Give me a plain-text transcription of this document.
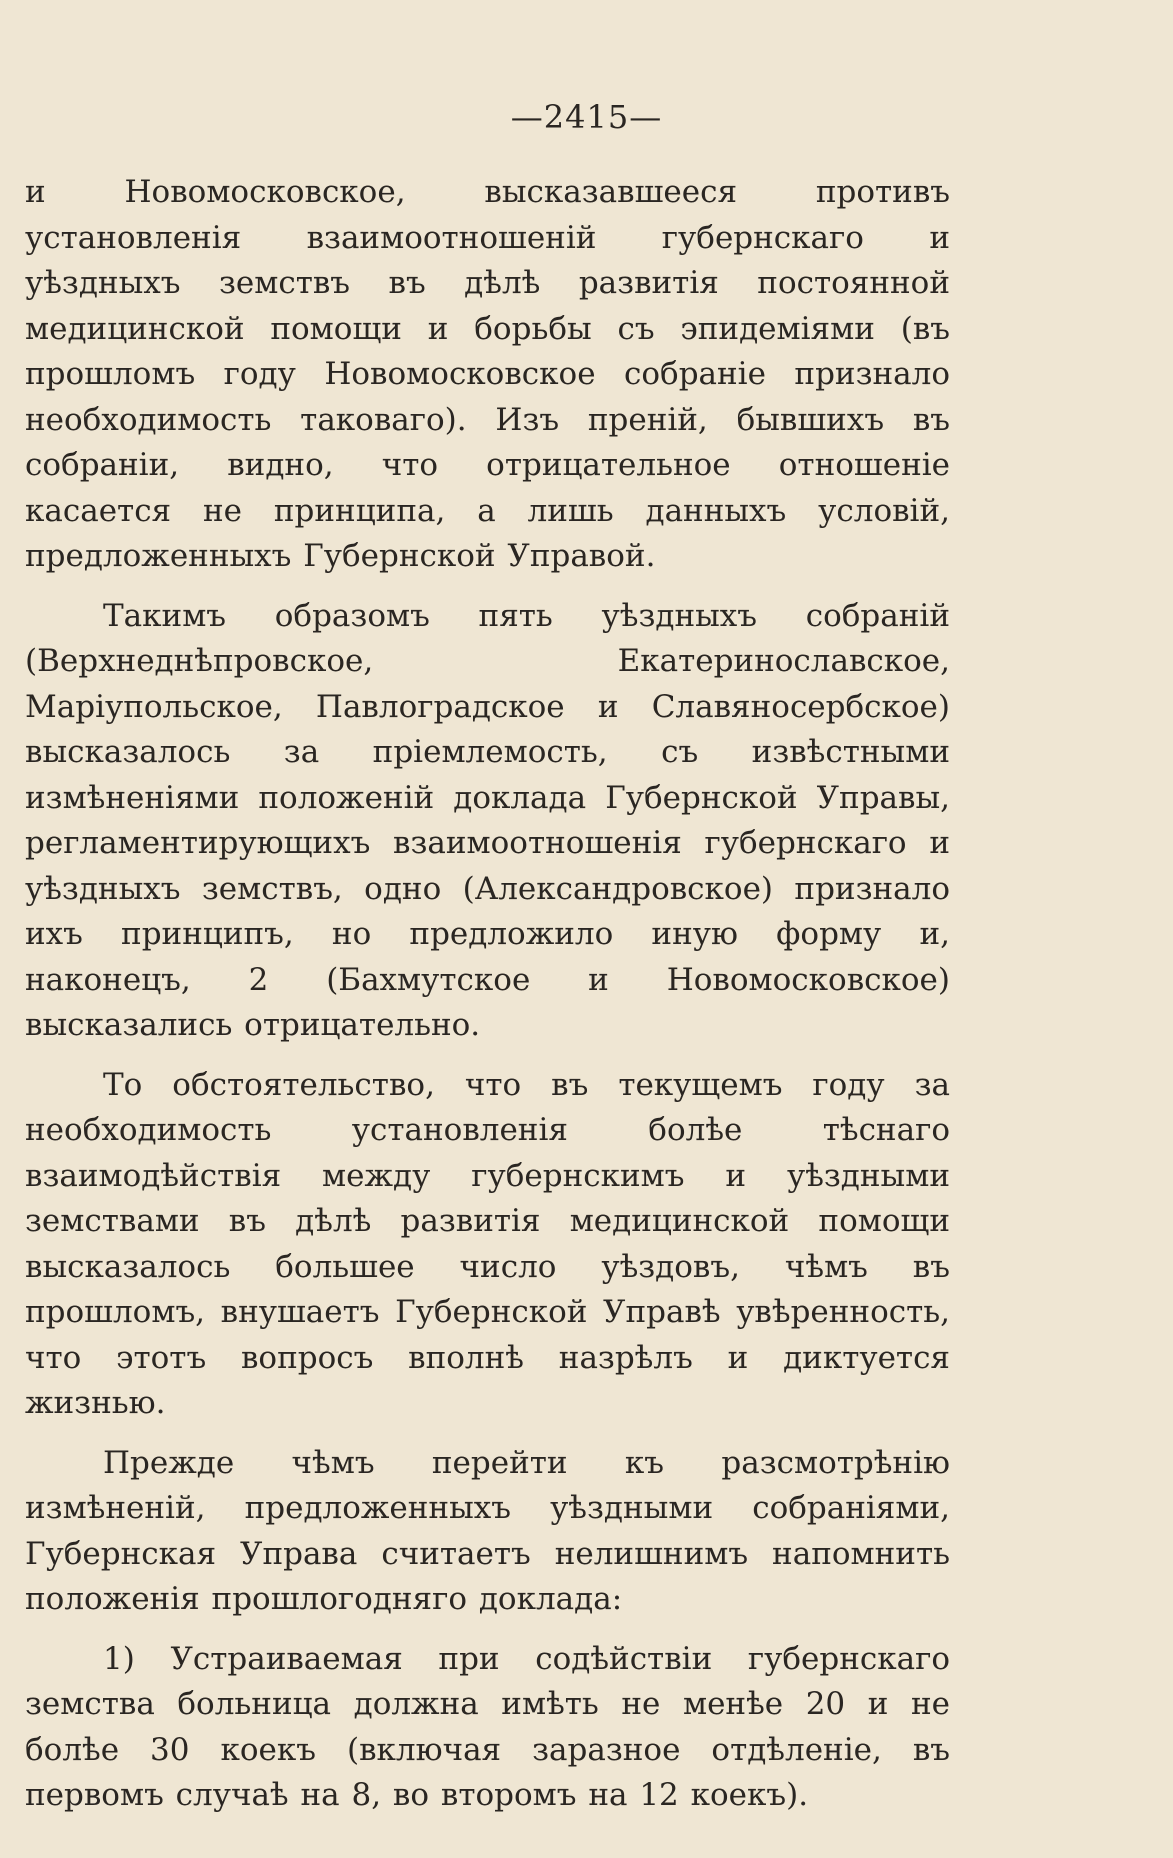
—2415—

и Новомосковское, высказавшееся противъ установленія взаимоотношеній губернскаго и уѣздныхъ земствъ въ дѣлѣ развитія постоянной медицинской помощи и борьбы съ эпидеміями (въ прошломъ году Новомосковское собраніе признало необходимость таковаго). Изъ преній, бывшихъ въ собраніи, видно, что отрицательное отношеніе касается не принципа, а лишь данныхъ условій, предложенныхъ Губернской Управой.

Такимъ образомъ пять уѣздныхъ собраній (Верхнеднѣпровское, Екатеринославское, Маріупольское, Павлоградское и Славяносербское) высказалось за пріемлемость, съ извѣстными измѣненіями положеній доклада Губернской Управы, регламентирующихъ взаимоотношенія губернскаго и уѣздныхъ земствъ, одно (Александровское) признало ихъ принципъ, но предложило иную форму и, наконецъ, 2 (Бахмутское и Новомосковское) высказались отрицательно.

То обстоятельство, что въ текущемъ году за необходимость установленія болѣе тѣснаго взаимодѣйствія между губернскимъ и уѣздными земствами въ дѣлѣ развитія медицинской помощи высказалось большее число уѣздовъ, чѣмъ въ прошломъ, внушаетъ Губернской Управѣ увѣренность, что этотъ вопросъ вполнѣ назрѣлъ и диктуется жизнью.

Прежде чѣмъ перейти къ разсмотрѣнію измѣненій, предложенныхъ уѣздными собраніями, Губернская Управа считаетъ нелишнимъ напомнить положенія прошлогодняго доклада:

1) Устраиваемая при содѣйствіи губернскаго земства больница должна имѣть не менѣе 20 и не болѣе 30 коекъ (включая заразное отдѣленіе, въ первомъ случаѣ на 8, во второмъ на 12 коекъ).
